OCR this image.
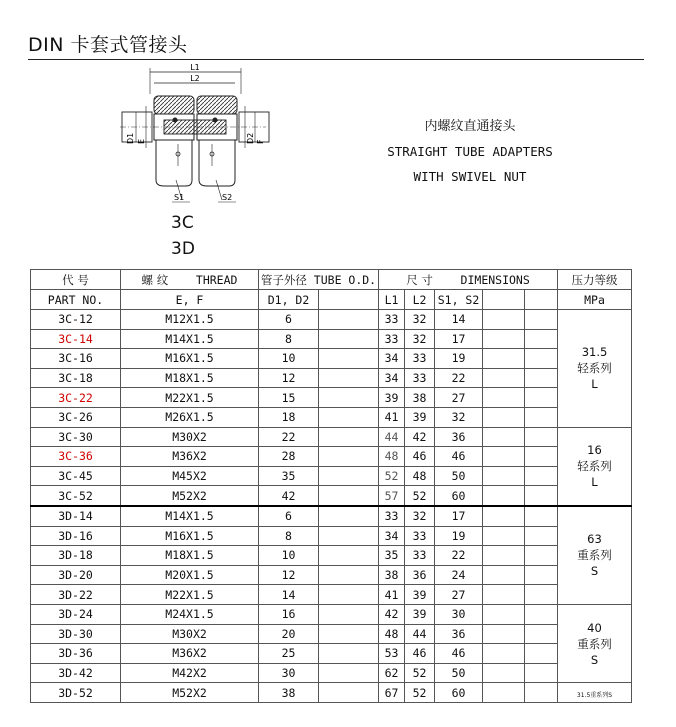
DIN 卡套式管接头
L1
L2
D1 E	D2 F
S1	S2
3C
3D
内螺纹直通接头
STRAIGHT TUBE ADAPTERS
WITH SWIVEL NUT
代 号	螺 纹 THREAD	管子外径 TUBE O.D.		尺 寸 DIMENSIONS					压力等级
PART NO.	E, F	D1, D2		L1	L2	S1, S2			MPa
3C-12	M12X1.5	6		33	32	14			31.5
轻系列
L

3C-14	M14X1.5	8		33	32	17			
3C-16	M16X1.5	10		34	33	19			
3C-18	M18X1.5	12		34	33	22			
3C-22	M22X1.5	15		39	38	27			
3C-26	M26X1.5	18		41	39	32			
3C-30	M30X2	22		44	42	36			16
轻系列
L

3C-36	M36X2	28		48	46	46			
3C-45	M45X2	35		52	48	50			
3C-52	M52X2	42		57	52	60			
3D-14	M14X1.5	6		33	32	17			63
重系列
S

3D-16	M16X1.5	8		34	33	19			
3D-18	M18X1.5	10		35	33	22			
3D-20	M20X1.5	12		38	36	24			
3D-22	M22X1.5	14		41	39	27			
3D-24	M24X1.5	16		42	39	30			40
重系列
S

3D-30	M30X2	20		48	44	36			
3D-36	M36X2	25		53	46	46			
3D-42	M42X2	30		62	52	50			
3D-52	M52X2	38		67	52	60			31.5重系列S
